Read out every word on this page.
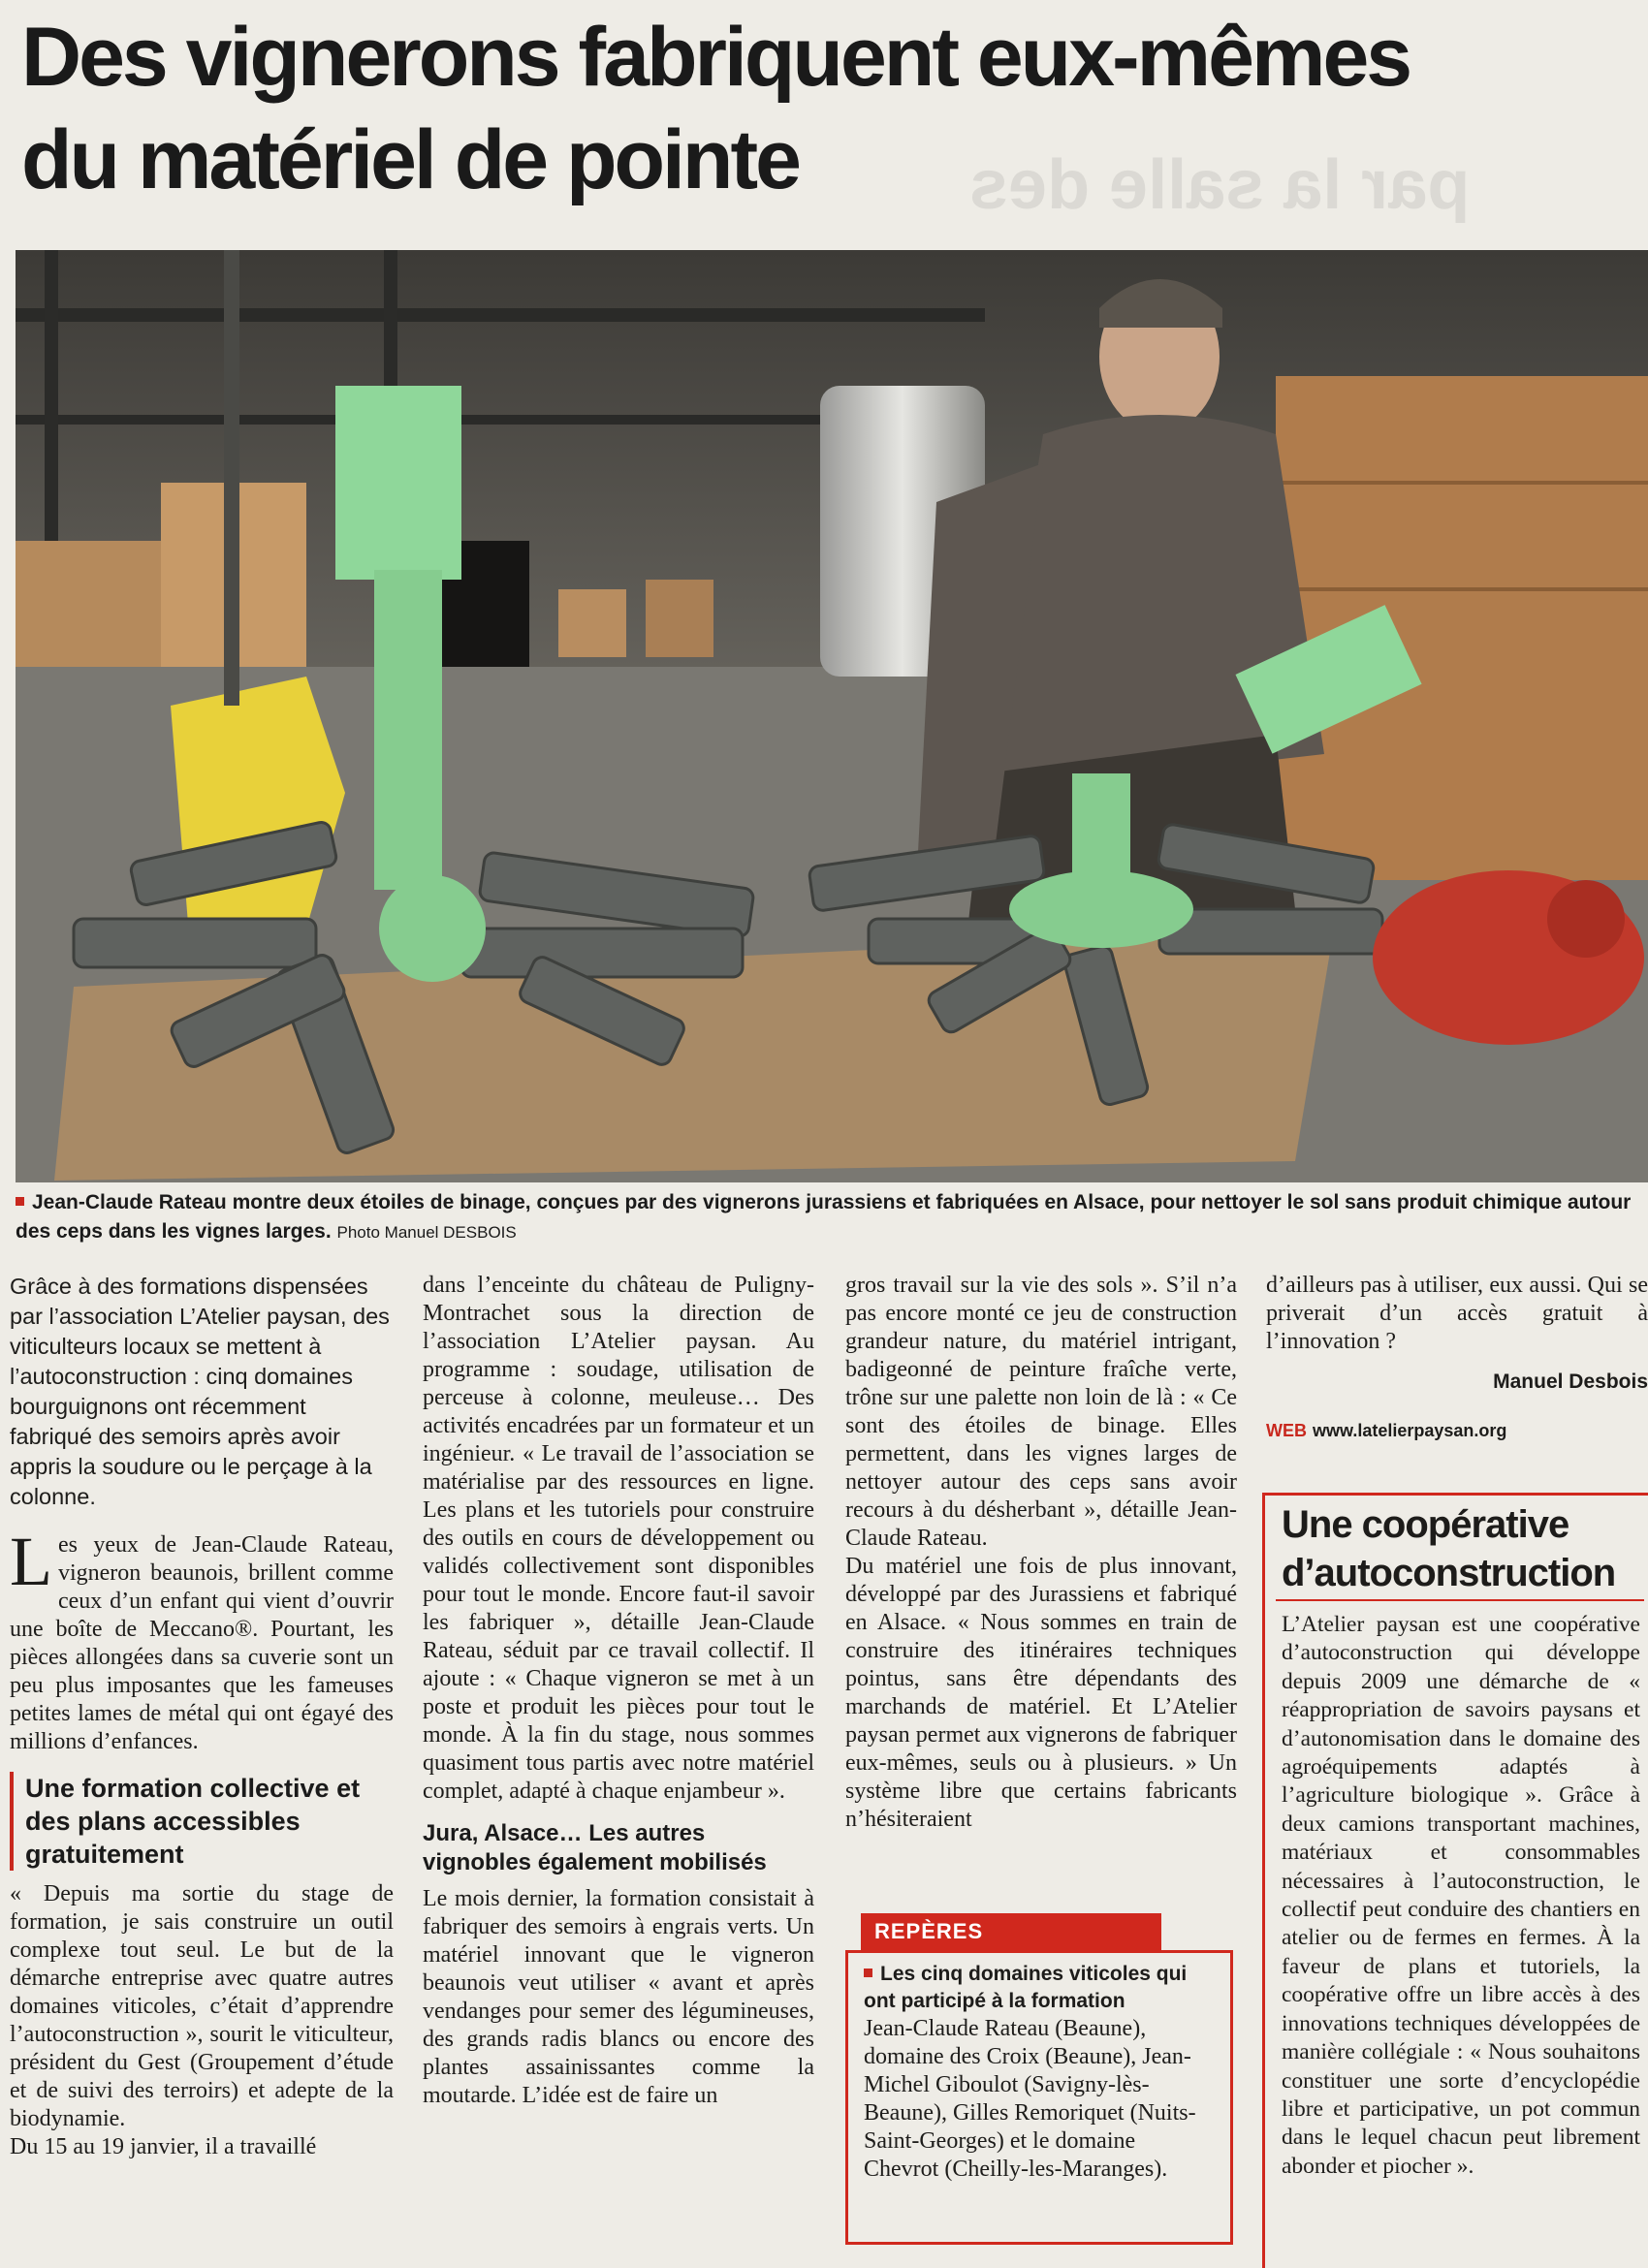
par la salle des
Des vignerons fabriquent eux-mêmes
du matériel de pointe
Jean-Claude Rateau montre deux étoiles de binage, conçues par des vignerons jurassiens et fabriquées en Alsace, pour nettoyer le sol sans produit chimique autour des ceps dans les vignes larges. Photo Manuel DESBOIS

Grâce à des formations dispensées par l’association L’Atelier paysan, des viticulteurs locaux se mettent à l’autoconstruction : cinq domaines bourguignons ont récemment fabriqué des semoirs après avoir appris la soudure ou le perçage à la colonne.

Les yeux de Jean-Claude Rateau, vigneron beaunois, brillent comme ceux d’un enfant qui vient d’ouvrir une boîte de Meccano®. Pourtant, les pièces allongées dans sa cuverie sont un peu plus imposantes que les fameuses petites lames de métal qui ont égayé des millions d’enfances.

Une formation collective et des plans accessibles gratuitement

« Depuis ma sortie du stage de formation, je sais construire un outil complexe tout seul. Le but de la démarche entreprise avec quatre autres domaines viticoles, c’était d’apprendre l’autoconstruction », sourit le viticulteur, président du Gest (Groupement d’étude et de suivi des terroirs) et adepte de la biodynamie.

Du 15 au 19 janvier, il a travaillé

dans l’enceinte du château de Puligny-Montrachet sous la direction de l’association L’Atelier paysan. Au programme : soudage, utilisation de perceuse à colonne, meuleuse… Des activités encadrées par un formateur et un ingénieur. « Le travail de l’association se matérialise par des ressources en ligne. Les plans et les tutoriels pour construire des outils en cours de développement ou validés collectivement sont disponibles pour tout le monde. Encore faut-il savoir les fabriquer », détaille Jean-Claude Rateau, séduit par ce travail collectif. Il ajoute : « Chaque vigneron se met à un poste et produit les pièces pour tout le monde. À la fin du stage, nous sommes quasiment tous partis avec notre matériel complet, adapté à chaque enjambeur ».

Jura, Alsace… Les autres vignobles également mobilisés

Le mois dernier, la formation consistait à fabriquer des semoirs à engrais verts. Un matériel innovant que le vigneron beaunois veut utiliser « avant et après vendanges pour semer des légumineuses, des grands radis blancs ou encore des plantes assainissantes comme la moutarde. L’idée est de faire un

gros travail sur la vie des sols ». S’il n’a pas encore monté ce jeu de construction grandeur nature, du matériel intrigant, badigeonné de peinture fraîche verte, trône sur une palette non loin de là : « Ce sont des étoiles de binage. Elles permettent, dans les vignes larges de nettoyer autour des ceps sans avoir recours à du désherbant », détaille Jean-Claude Rateau.

Du matériel une fois de plus innovant, développé par des Jurassiens et fabriqué en Alsace. « Nous sommes en train de construire des itinéraires techniques pointus, sans être dépendants des marchands de matériel. Et L’Atelier paysan permet aux vignerons de fabriquer eux-mêmes, seuls ou à plusieurs. » Un système libre que certains fabricants n’hésiteraient

REPÈRES
Les cinq domaines viticoles qui ont participé à la formation
Jean-Claude Rateau (Beaune), domaine des Croix (Beaune), Jean-Michel Giboulot (Savigny-lès-Beaune), Gilles Remoriquet (Nuits-Saint-Georges) et le domaine Chevrot (Cheilly-les-Maranges).

d’ailleurs pas à utiliser, eux aussi. Qui se priverait d’un accès gratuit à l’innovation ?

Manuel Desbois
WEB www.latelierpaysan.org
Une coopérative d’autoconstruction
L’Atelier paysan est une coopérative d’autoconstruction qui développe depuis 2009 une démarche de « réappropriation de savoirs paysans et d’autonomisation dans le domaine des agroéquipements adaptés à l’agriculture biologique ». Grâce à deux camions transportant machines, matériaux et consommables nécessaires à l’autoconstruction, le collectif peut conduire des chantiers en atelier ou de fermes en fermes. À la faveur de plans et tutoriels, la coopérative offre un libre accès à des innovations techniques développées de manière collégiale : « Nous souhaitons constituer une sorte d’encyclopédie libre et participative, un pot commun dans le lequel chacun peut librement abonder et piocher ».
